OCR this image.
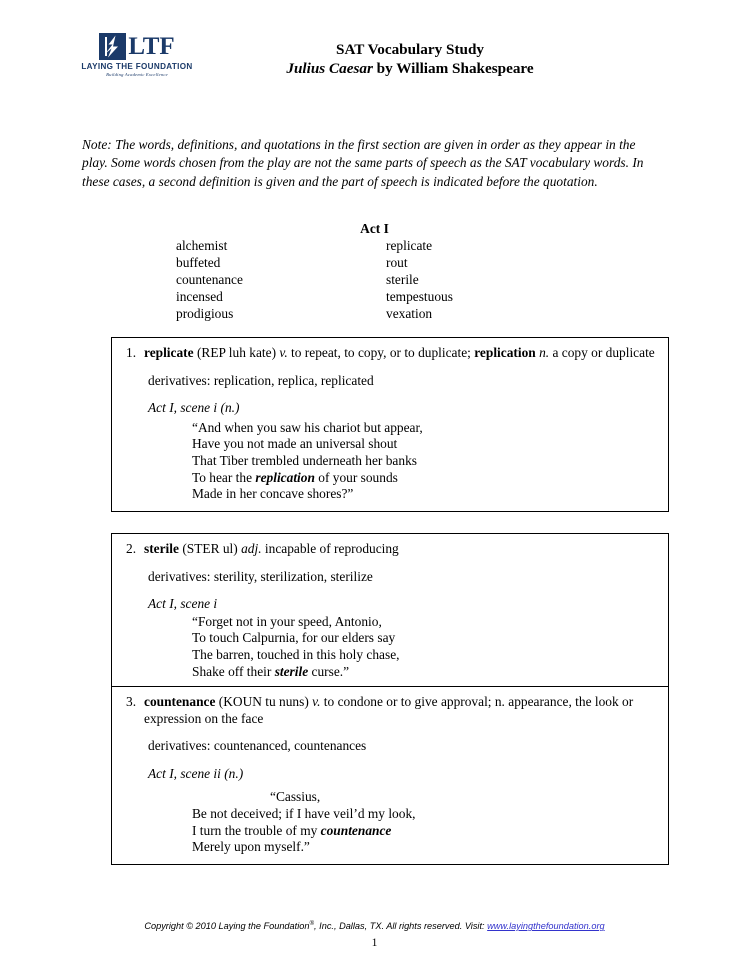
LTF
LAYING THE FOUNDATION
Building Academic Excellence
SAT Vocabulary Study
Julius Caesar by William Shakespeare
Note: The words, definitions, and quotations in the first section are given in order as they appear in the play. Some words chosen from the play are not the same parts of speech as the SAT vocabulary words. In these cases, a second definition is given and the part of speech is indicated before the quotation.
Act I
alchemist
buffeted
countenance
incensed
prodigious
replicate
rout
sterile
tempestuous
vexation
1. replicate (REP luh kate) v. to repeat, to copy, or to duplicate; replication n. a copy or duplicate
derivatives: replication, replica, replicated
Act I, scene i (n.)
“And when you saw his chariot but appear,
Have you not made an universal shout
That Tiber trembled underneath her banks
To hear the replication of your sounds
Made in her concave shores?”
2. sterile (STER ul) adj. incapable of reproducing
derivatives: sterility, sterilization, sterilize
Act I, scene i
“Forget not in your speed, Antonio,
To touch Calpurnia, for our elders say
The barren, touched in this holy chase,
Shake off their sterile curse.”
3. countenance (KOUN tu nuns) v. to condone or to give approval; n. appearance, the look or expression on the face
derivatives: countenanced, countenances
Act I, scene ii (n.)
“Cassius,
Be not deceived; if I have veil’d my look,
I turn the trouble of my countenance
Merely upon myself.”
Copyright © 2010 Laying the Foundation®, Inc., Dallas, TX. All rights reserved. Visit: www.layingthefoundation.org
1
